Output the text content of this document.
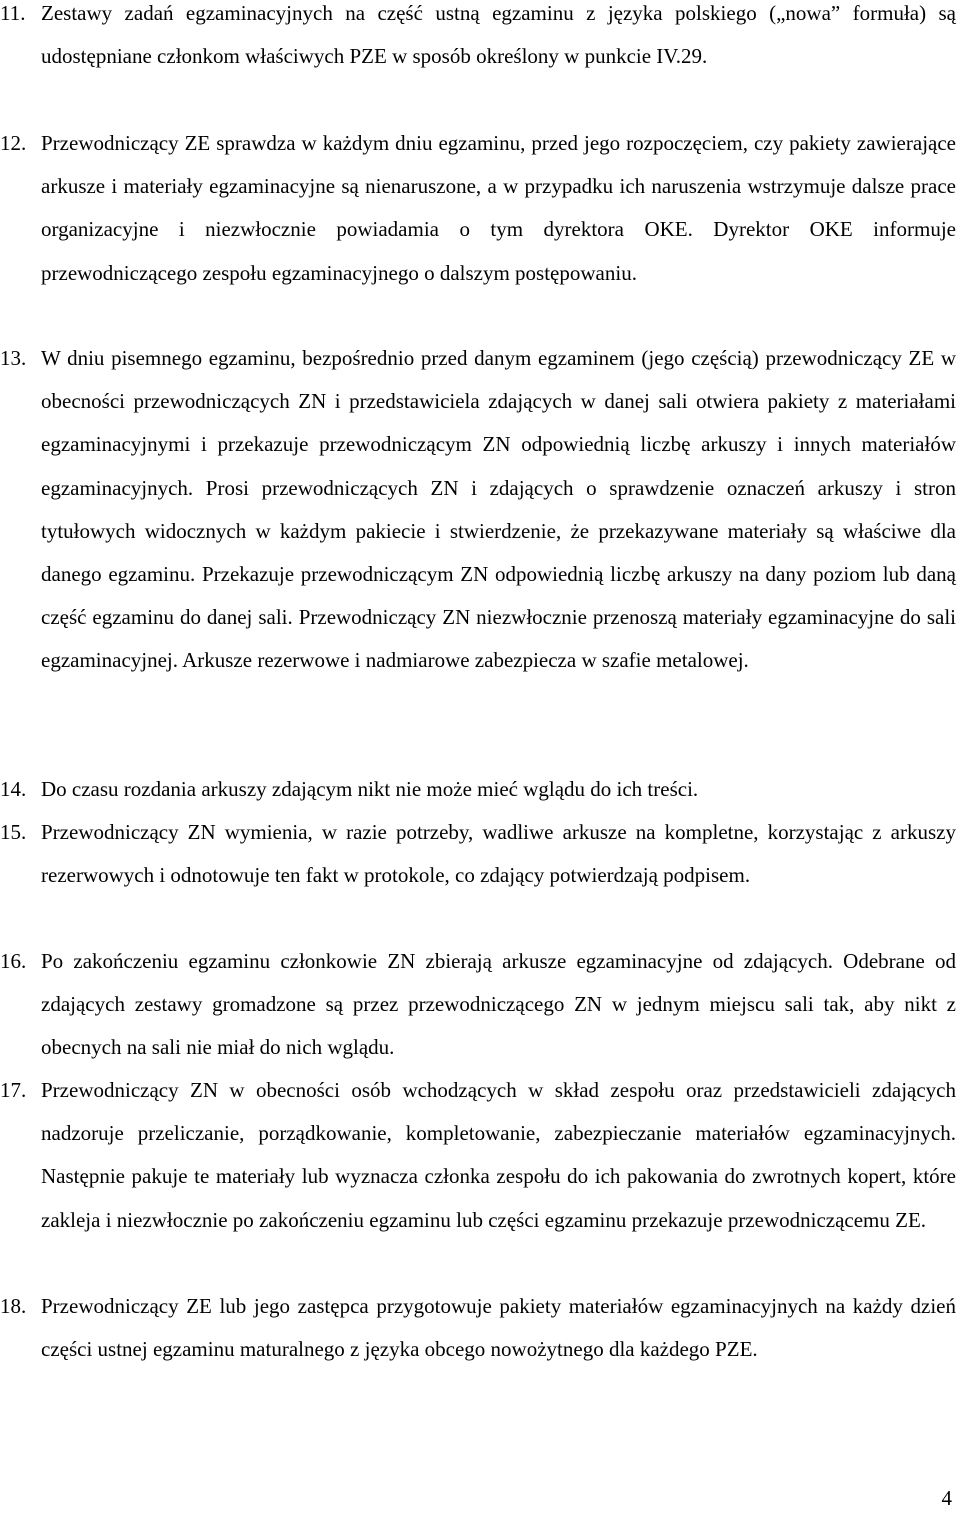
11. Zestawy zadań egzaminacyjnych na część ustną egzaminu z języka polskiego („nowa” formuła) są udostępniane członkom właściwych PZE w sposób określony w punkcie IV.29.
12. Przewodniczący ZE sprawdza w każdym dniu egzaminu, przed jego rozpoczęciem, czy pakiety zawierające arkusze i materiały egzaminacyjne są nienaruszone, a w przypadku ich naruszenia wstrzymuje dalsze prace organizacyjne i niezwłocznie powiadamia o tym dyrektora OKE. Dyrektor OKE informuje przewodniczącego zespołu egzaminacyjnego o dalszym postępowaniu.
13. W dniu pisemnego egzaminu, bezpośrednio przed danym egzaminem (jego częścią) przewodniczący ZE w obecności przewodniczących ZN i przedstawiciela zdających w danej sali otwiera pakiety z materiałami egzaminacyjnymi i przekazuje przewodniczącym ZN odpowiednią liczbę arkuszy i innych materiałów egzaminacyjnych. Prosi przewodniczących ZN i zdających o sprawdzenie oznaczeń arkuszy i stron tytułowych widocznych w każdym pakiecie i stwierdzenie, że przekazywane materiały są właściwe dla danego egzaminu. Przekazuje przewodniczącym ZN odpowiednią liczbę arkuszy na dany poziom lub daną część egzaminu do danej sali. Przewodniczący ZN niezwłocznie przenoszą materiały egzaminacyjne do sali egzaminacyjnej. Arkusze rezerwowe i nadmiarowe zabezpiecza w szafie metalowej.
14. Do czasu rozdania arkuszy zdającym nikt nie może mieć wglądu do ich treści.
15. Przewodniczący ZN wymienia, w razie potrzeby, wadliwe arkusze na kompletne, korzystając z arkuszy rezerwowych i odnotowuje ten fakt w protokole, co zdający potwierdzają podpisem.
16. Po zakończeniu egzaminu członkowie ZN zbierają arkusze egzaminacyjne od zdających. Odebrane od zdających zestawy gromadzone są przez przewodniczącego ZN w jednym miejscu sali tak, aby nikt z obecnych na sali nie miał do nich wglądu.
17. Przewodniczący ZN w obecności osób wchodzących w skład zespołu oraz przedstawicieli zdających nadzoruje przeliczanie, porządkowanie, kompletowanie, zabezpieczanie materiałów egzaminacyjnych. Następnie pakuje te materiały lub wyznacza członka zespołu do ich pakowania do zwrotnych kopert, które zakleja i niezwłocznie po zakończeniu egzaminu lub części egzaminu przekazuje przewodniczącemu ZE.
18. Przewodniczący ZE lub jego zastępca przygotowuje pakiety materiałów egzaminacyjnych na każdy dzień części ustnej egzaminu maturalnego z języka obcego nowożytnego dla każdego PZE.
4
